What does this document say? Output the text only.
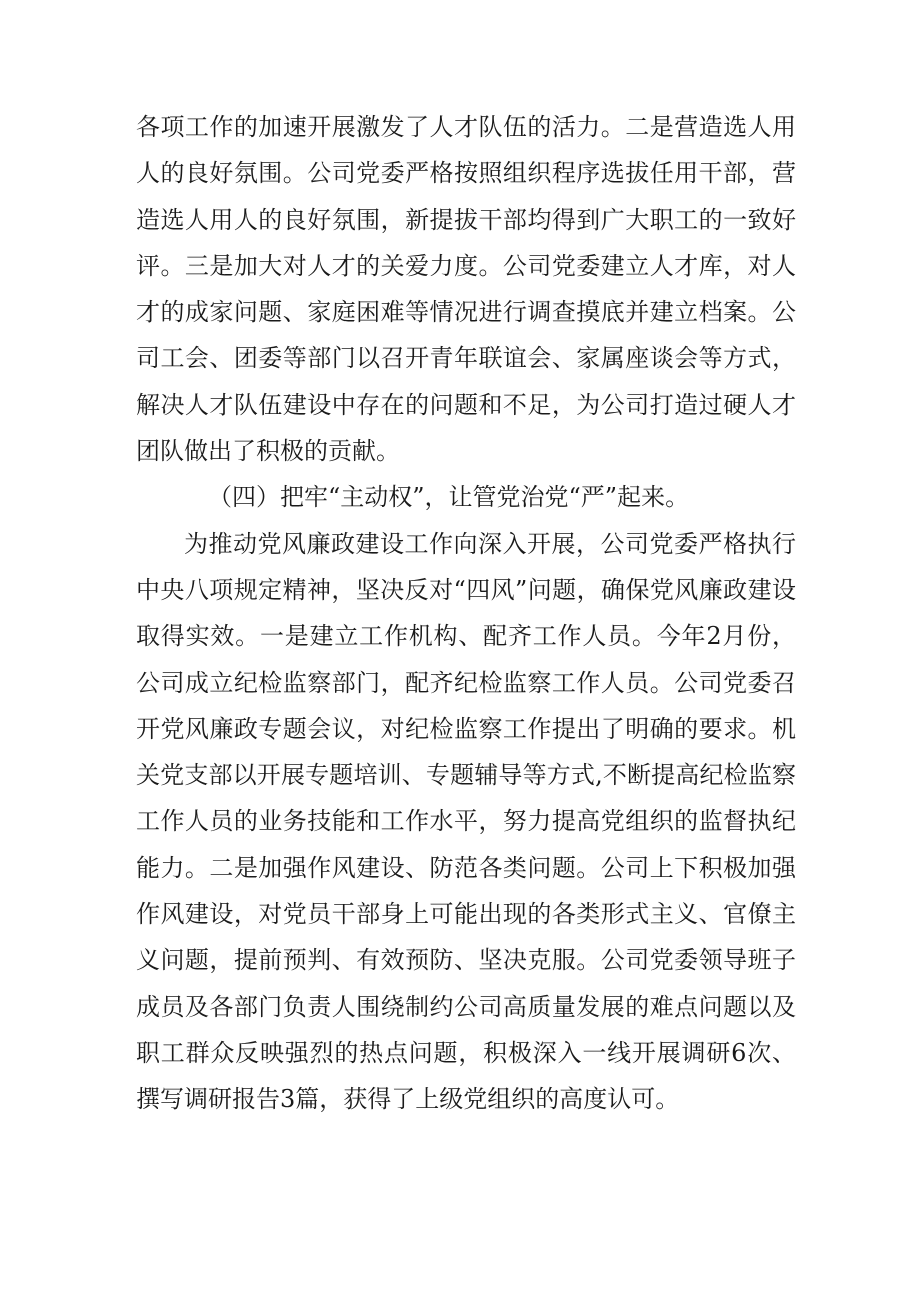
各项工作的加速开展激发了人才队伍的活力。二是营造选人用人的良好氛围。公司党委严格按照组织程序选拔任用干部，营造选人用人的良好氛围，新提拔干部均得到广大职工的一致好评。三是加大对人才的关爱力度。公司党委建立人才库，对人才的成家问题、家庭困难等情况进行调查摸底并建立档案。公司工会、团委等部门以召开青年联谊会、家属座谈会等方式，解决人才队伍建设中存在的问题和不足，为公司打造过硬人才团队做出了积极的贡献。

（四）把牢“主动权”，让管党治党“严”起来。

为推动党风廉政建设工作向深入开展，公司党委严格执行中央八项规定精神，坚决反对“四风”问题，确保党风廉政建设取得实效。一是建立工作机构、配齐工作人员。今年2月份，公司成立纪检监察部门，配齐纪检监察工作人员。公司党委召开党风廉政专题会议，对纪检监察工作提出了明确的要求。机关党支部以开展专题培训、专题辅导等方式,不断提高纪检监察工作人员的业务技能和工作水平，努力提高党组织的监督执纪能力。二是加强作风建设、防范各类问题。公司上下积极加强作风建设，对党员干部身上可能出现的各类形式主义、官僚主义问题，提前预判、有效预防、坚决克服。公司党委领导班子成员及各部门负责人围绕制约公司高质量发展的难点问题以及职工群众反映强烈的热点问题，积极深入一线开展调研6次、撰写调研报告3篇，获得了上级党组织的高度认可。
